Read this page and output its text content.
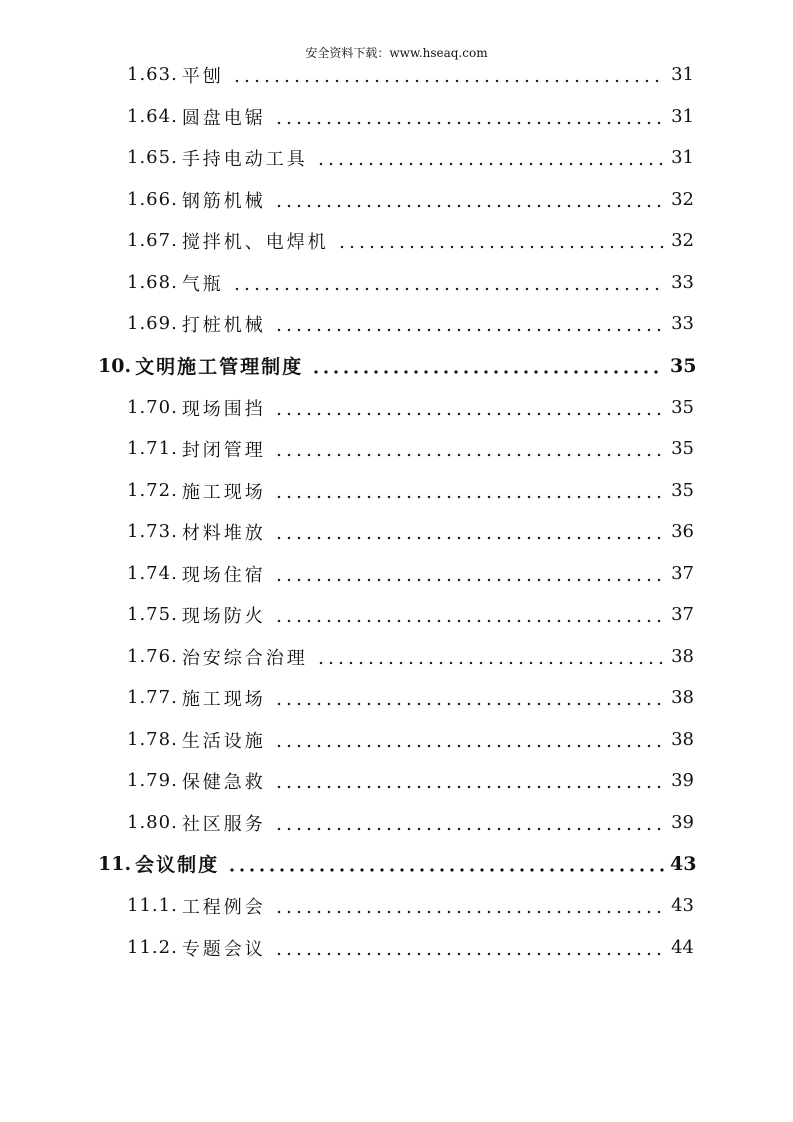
安全资料下载：www.hseaq.com
1.63. 平刨	31
1.64. 圆盘电锯	31
1.65. 手持电动工具	31
1.66. 钢筋机械	32
1.67. 搅拌机、电焊机	32
1.68. 气瓶	33
1.69. 打桩机械	33
10. 文明施工管理制度	35
1.70. 现场围挡	35
1.71. 封闭管理	35
1.72. 施工现场	35
1.73. 材料堆放	36
1.74. 现场住宿	37
1.75. 现场防火	37
1.76. 治安综合治理	38
1.77. 施工现场	38
1.78. 生活设施	38
1.79. 保健急救	39
1.80. 社区服务	39
11. 会议制度	43
11.1. 工程例会	43
11.2. 专题会议	44
